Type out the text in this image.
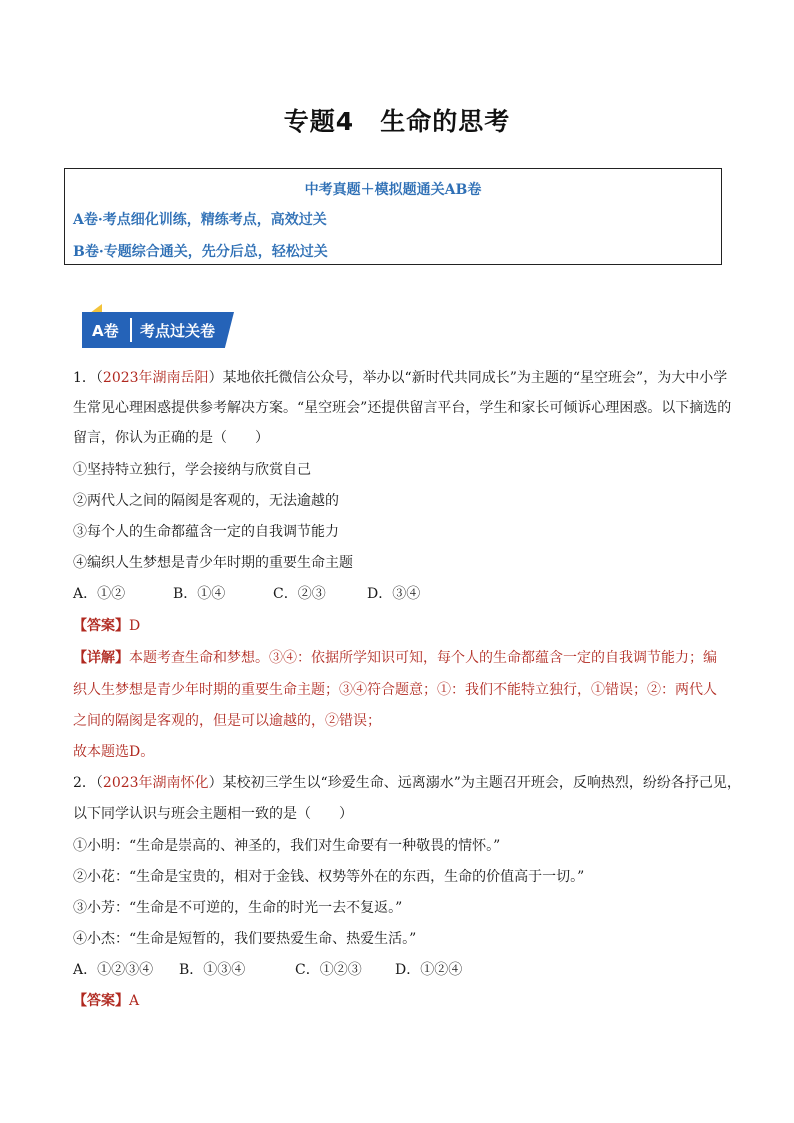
专题4 生命的思考
中考真题＋模拟题通关AB卷
A卷·考点细化训练，精练考点，高效过关
B卷·专题综合通关，先分后总，轻松过关
A卷 考点过关卷
1．（2023年湖南岳阳）某地依托微信公众号，举办以“新时代共同成长”为主题的“星空班会”，为大中小学
生常见心理困惑提供参考解决方案。“星空班会”还提供留言平台，学生和家长可倾诉心理困惑。以下摘选的
留言，你认为正确的是（　　）
①坚持特立独行，学会接纳与欣赏自己
②两代人之间的隔阂是客观的，无法逾越的
③每个人的生命都蕴含一定的自我调节能力
④编织人生梦想是青少年时期的重要生命主题
A．①②	B．①④	C．②③	D．③④
【答案】D
【详解】本题考查生命和梦想。③④：依据所学知识可知，每个人的生命都蕴含一定的自我调节能力；编
织人生梦想是青少年时期的重要生命主题；③④符合题意；①：我们不能特立独行，①错误；②：两代人
之间的隔阂是客观的，但是可以逾越的，②错误；
故本题选D。
2．（2023年湖南怀化）某校初三学生以“珍爱生命、远离溺水”为主题召开班会，反响热烈，纷纷各抒己见，
以下同学认识与班会主题相一致的是（　　）
①小明：“生命是崇高的、神圣的，我们对生命要有一种敬畏的情怀。”
②小花：“生命是宝贵的，相对于金钱、权势等外在的东西，生命的价值高于一切。”
③小芳：“生命是不可逆的，生命的时光一去不复返。”
④小杰：“生命是短暂的，我们要热爱生命、热爱生活。”
A．①②③④ B．①③④	C．①②③ D．①②④
【答案】A
